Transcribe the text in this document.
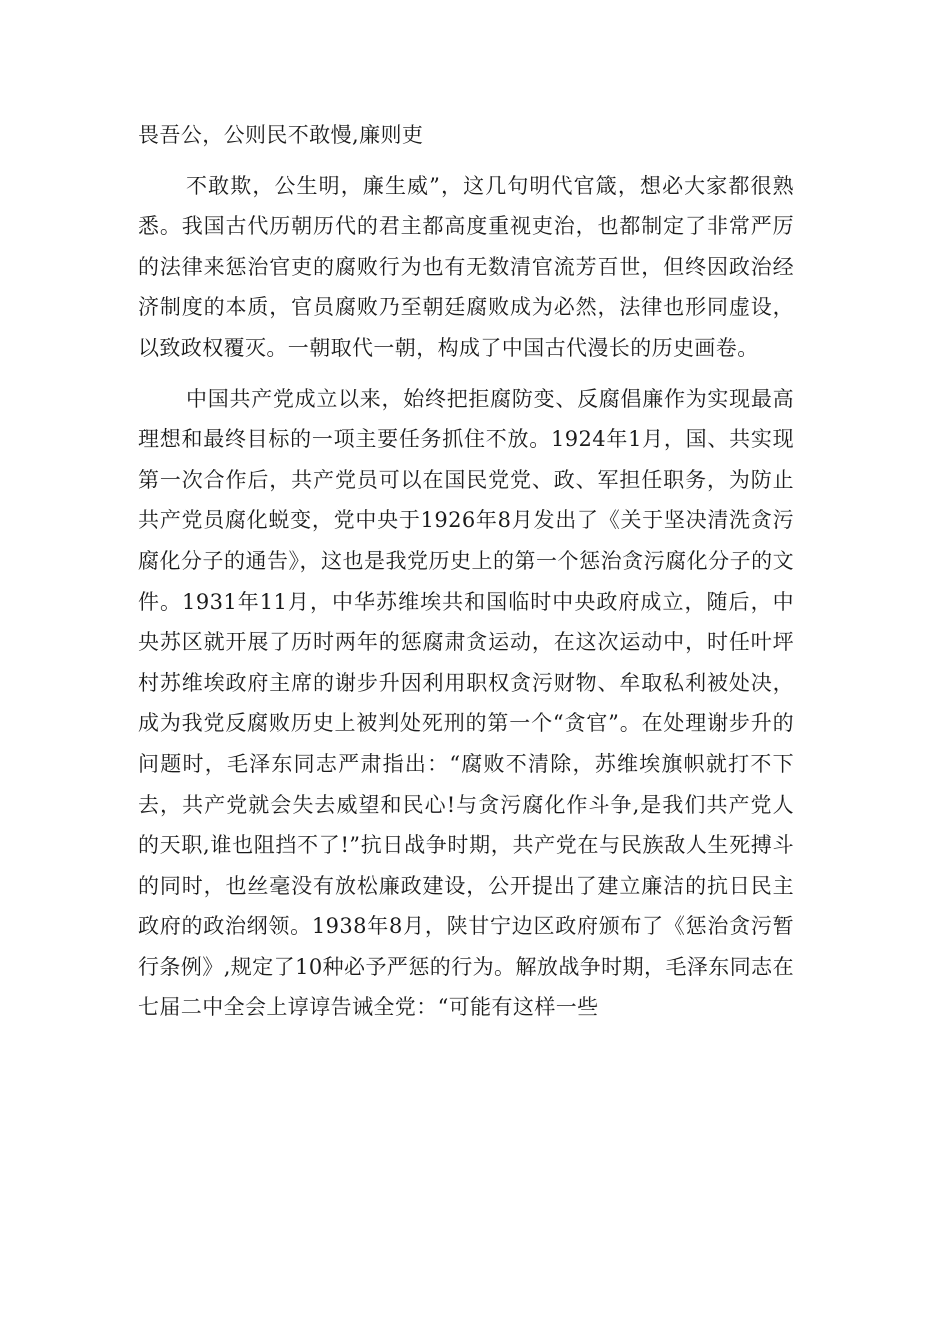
畏吾公，公则民不敢慢,廉则吏

不敢欺，公生明，廉生威”，这几句明代官箴，想必大家都很熟悉。我国古代历朝历代的君主都高度重视吏治，也都制定了非常严厉的法律来惩治官吏的腐败行为也有无数清官流芳百世，但终因政治经济制度的本质，官员腐败乃至朝廷腐败成为必然，法律也形同虚设，以致政权覆灭。一朝取代一朝，构成了中国古代漫长的历史画卷。

中国共产党成立以来，始终把拒腐防变、反腐倡廉作为实现最高理想和最终目标的一项主要任务抓住不放。1924年1月，国、共实现第一次合作后，共产党员可以在国民党党、政、军担任职务，为防止共产党员腐化蜕变，党中央于1926年8月发出了《关于坚决清洗贪污腐化分子的通告》，这也是我党历史上的第一个惩治贪污腐化分子的文件。1931年11月，中华苏维埃共和国临时中央政府成立，随后，中央苏区就开展了历时两年的惩腐肃贪运动，在这次运动中，时任叶坪村苏维埃政府主席的谢步升因利用职权贪污财物、牟取私利被处决，成为我党反腐败历史上被判处死刑的第一个“贪官”。在处理谢步升的问题时，毛泽东同志严肃指出：“腐败不清除，苏维埃旗帜就打不下去，共产党就会失去威望和民心!与贪污腐化作斗争,是我们共产党人的天职,谁也阻挡不了!”抗日战争时期，共产党在与民族敌人生死搏斗的同时，也丝毫没有放松廉政建设，公开提出了建立廉洁的抗日民主政府的政治纲领。1938年8月，陕甘宁边区政府颁布了《惩治贪污暂行条例》,规定了10种必予严惩的行为。解放战争时期，毛泽东同志在七届二中全会上谆谆告诫全党：“可能有这样一些
